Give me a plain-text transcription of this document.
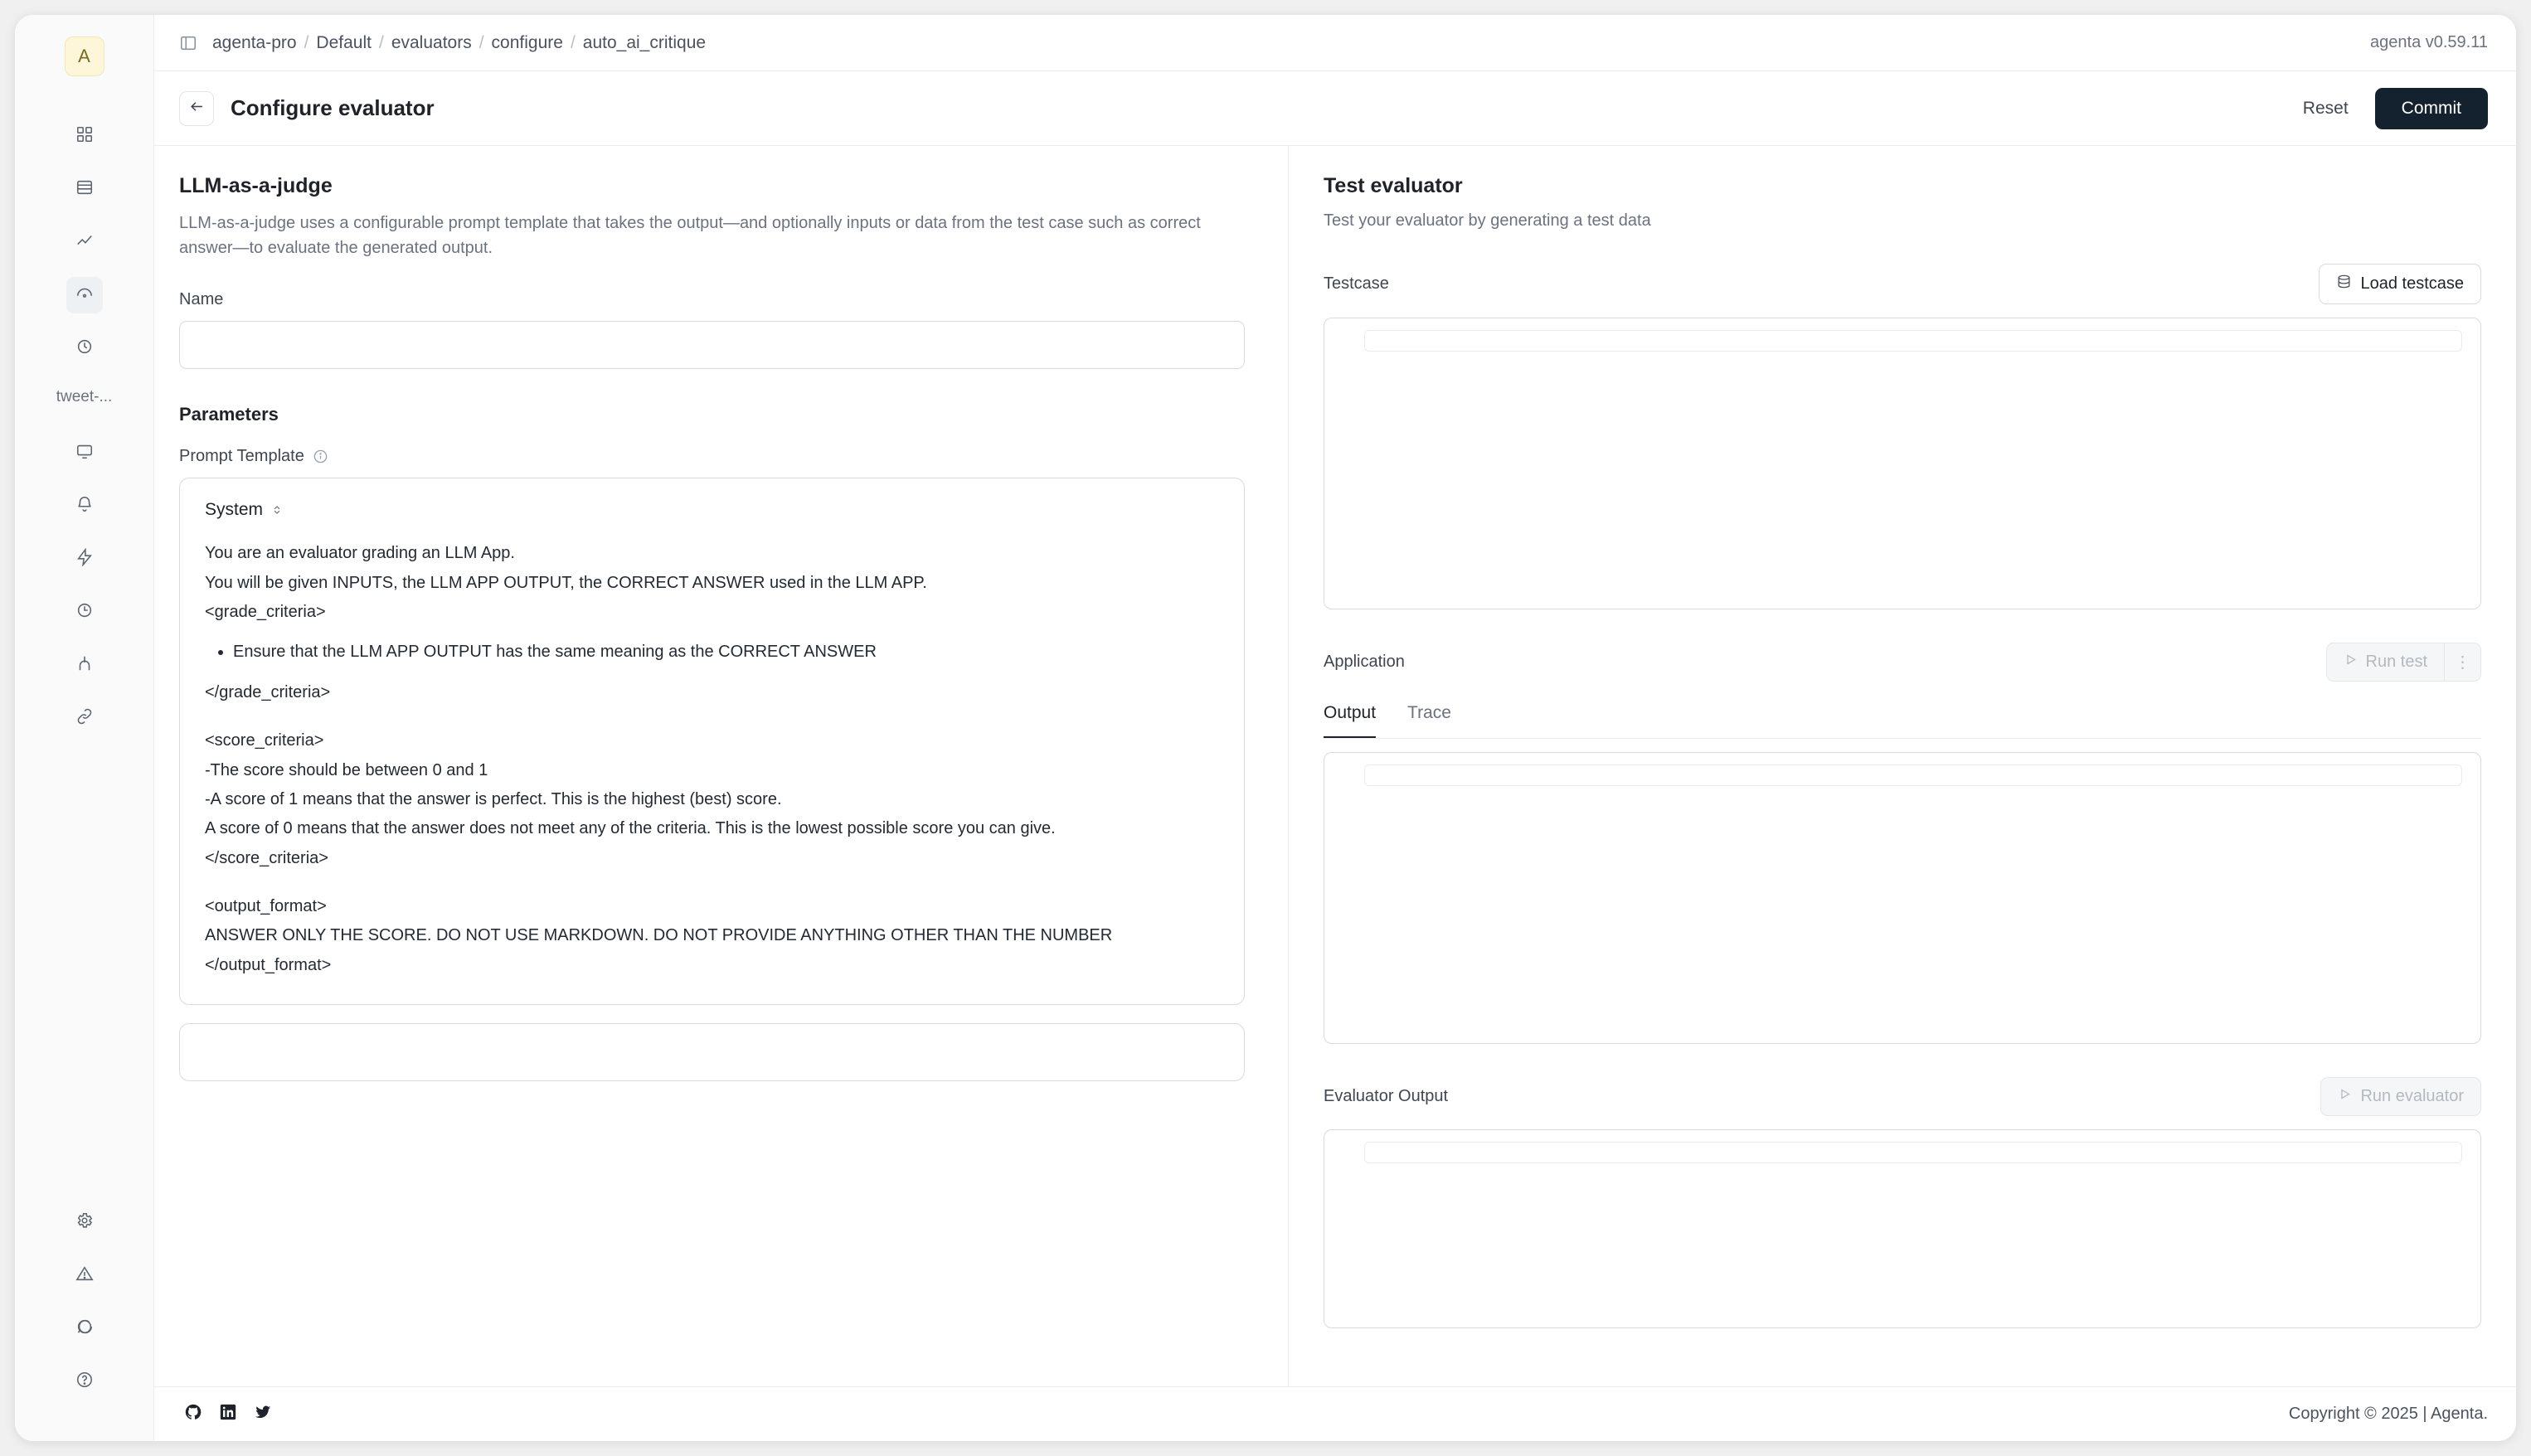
A
tweet-...
agenta-pro / Default / evaluators / configure / auto_ai_critique	agenta v0.59.11
Configure evaluator	Reset	Commit
LLM-as-a-judge
LLM-as-a-judge uses a configurable prompt template that takes the output—and optionally inputs or data from the test case such as correct answer—to evaluate the generated output.
Name
Parameters
Prompt Template
System

You are an evaluator grading an LLM App.

You will be given INPUTS, the LLM APP OUTPUT, the CORRECT ANSWER used in the LLM APP.

<grade_criteria>

• Ensure that the LLM APP OUTPUT has the same meaning as the CORRECT ANSWER

</grade_criteria>

<score_criteria>

-The score should be between 0 and 1

-A score of 1 means that the answer is perfect. This is the highest (best) score.

A score of 0 means that the answer does not meet any of the criteria. This is the lowest possible score you can give.

</score_criteria>

<output_format>

ANSWER ONLY THE SCORE. DO NOT USE MARKDOWN. DO NOT PROVIDE ANYTHING OTHER THAN THE NUMBER

</output_format>

Test evaluator
Test your evaluator by generating a test data
Testcase	Load testcase
Application	Run test	⋮
Output Trace
Evaluator Output	Run evaluator
Copyright © 2025 | Agenta.
